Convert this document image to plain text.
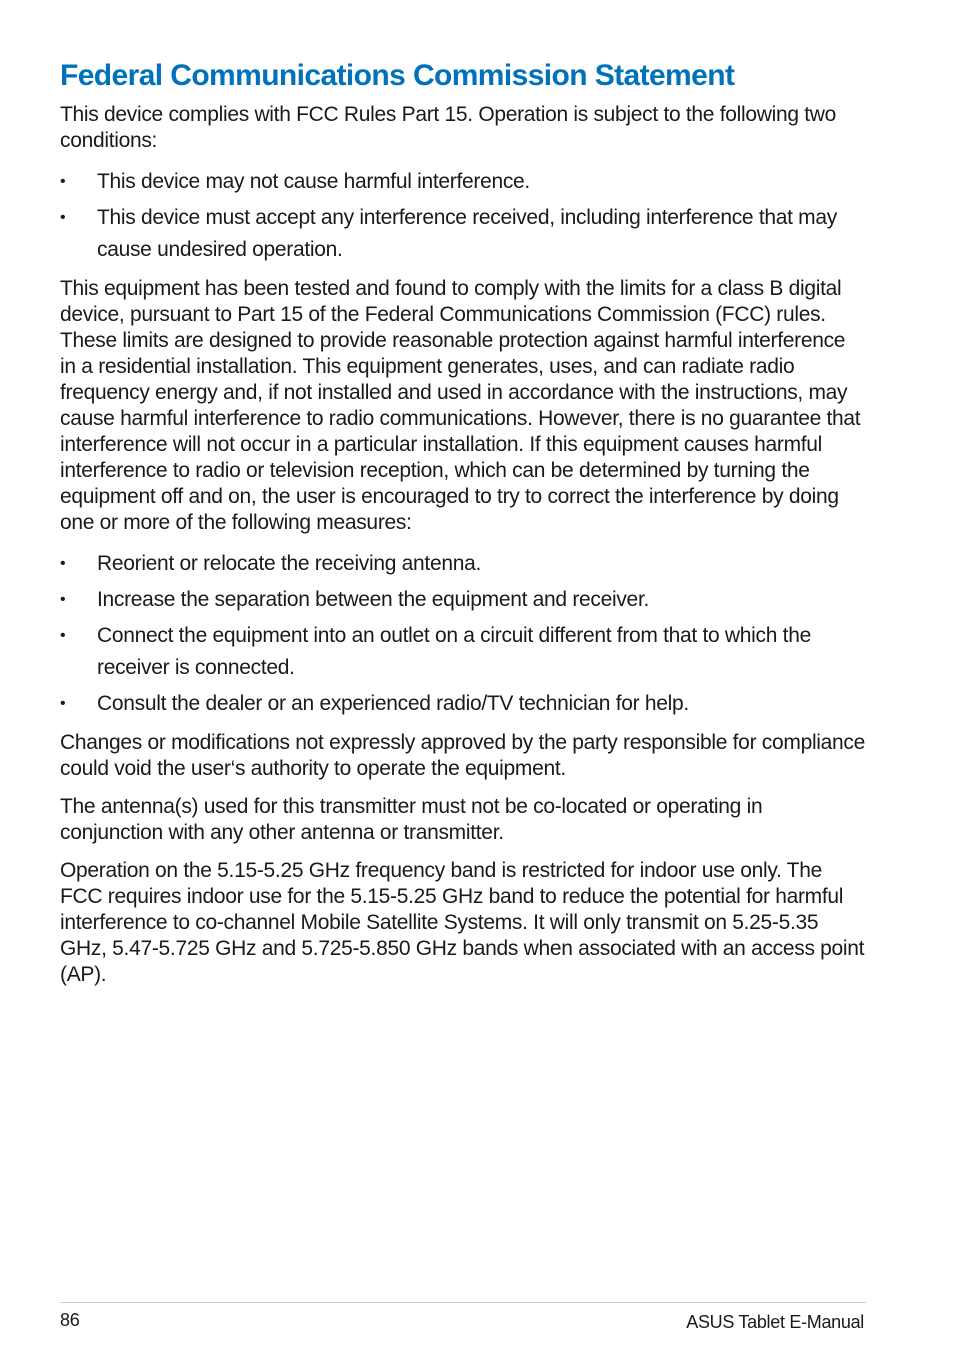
Federal Communications Commission Statement

This device complies with FCC Rules Part 15. Operation is subject to the following two conditions:

• This device may not cause harmful interference.
• This device must accept any interference received, including interference that may cause undesired operation.

This equipment has been tested and found to comply with the limits for a class B digital device, pursuant to Part 15 of the Federal Communications Commission (FCC) rules. These limits are designed to provide reasonable protection against harmful interference in a residential installation. This equipment generates, uses, and can radiate radio frequency energy and, if not installed and used in accordance with the instructions, may cause harmful interference to radio communications. However, there is no guarantee that interference will not occur in a particular installation. If this equipment causes harmful interference to radio or television reception, which can be determined by turning the equipment off and on, the user is encouraged to try to correct the interference by doing one or more of the following measures:

• Reorient or relocate the receiving antenna.
• Increase the separation between the equipment and receiver.
• Connect the equipment into an outlet on a circuit different from that to which the receiver is connected.
• Consult the dealer or an experienced radio/TV technician for help.

Changes or modifications not expressly approved by the party responsible for compliance could void the user‘s authority to operate the equipment.

The antenna(s) used for this transmitter must not be co-located or operating in conjunction with any other antenna or transmitter.

Operation on the 5.15-5.25 GHz frequency band is restricted for indoor use only. The FCC requires indoor use for the 5.15-5.25 GHz band to reduce the potential for harmful interference to co-channel Mobile Satellite Systems. It will only transmit on 5.25-5.35 GHz, 5.47-5.725 GHz and 5.725-5.850 GHz bands when associated with an access point (AP).

86	ASUS Tablet E-Manual
